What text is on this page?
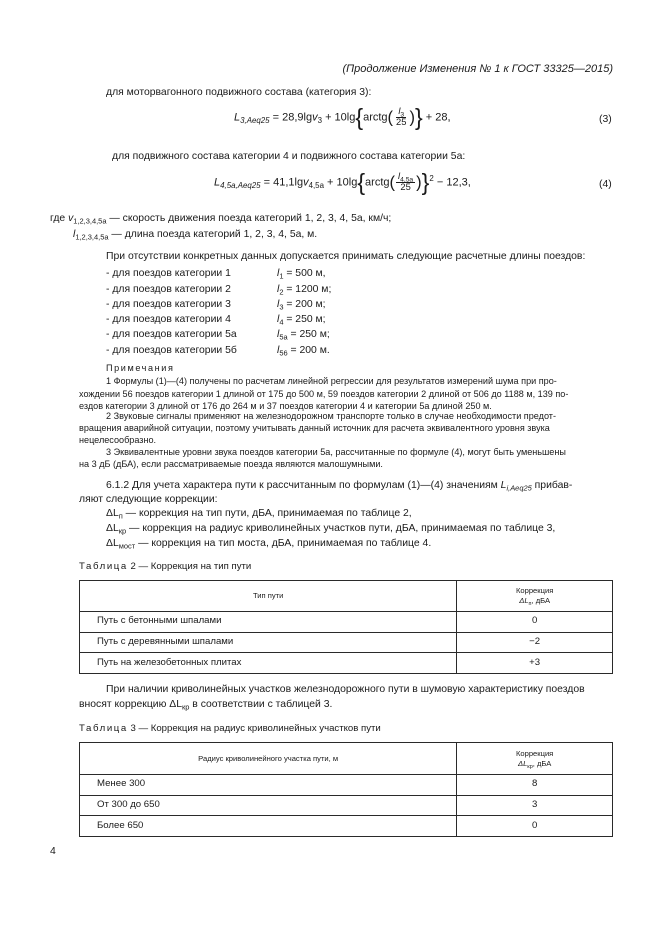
(Продолжение Изменения № 1 к ГОСТ 33325—2015)
для моторвагонного подвижного состава (категория 3):
$L_{3,Aeq25} = 28,9\lg v_3$ + 10lg{arctg( $\frac{l_3}{25}$ )} + 28,	(3)
для подвижного состава категории 4 и подвижного состава категории 5а:
$L_{4,5a,Aeq25} = 41,1\lg v_{4,5a}$ + 10lg{arctg( $\frac{l_{4,5a}}{25} )\}^2 - 12,3$,	(4)
где $v_{1,2,3,4,5a}$ — скорость движения поезда категорий 1, 2, 3, 4, 5а, км/ч;
$l_{1,2,3,4,5a}$ — длина поезда категорий 1, 2, 3, 4, 5а, м.
При отсутствии конкретных данных допускается принимать следующие расчетные длины поездов:
- для поездов категории 1	$l_1 = 500$ м,
- для поездов категории 2	$l_2 = 1200$ м;
- для поездов категории 3	$l_3 = 200$ м;
- для поездов категории 4	$l_4 = 250$ м;
- для поездов категории 5а	$l_{5a} = 250$ м;
- для поездов категории 5б	$l_{56} = 200$ м.
Примечания
1 Формулы (1)—(4) получены по расчетам линейной регрессии для результатов измерений шума при про-
хождении 56 поездов категории 1 длиной от 175 до 500 м, 59 поездов категории 2 длиной от 506 до 1188 м, 139 по-
ездов категории 3 длиной от 176 до 264 м и 37 поездов категории 4 и категории 5а длиной 250 м.
2 Звуковые сигналы применяют на железнодорожном транспорте только в случае необходимости предот-
вращения аварийной ситуации, поэтому учитывать данный источник для расчета эквивалентного уровня звука
нецелесообразно.
3 Эквивалентные уровни звука поездов категории 5а, рассчитанные по формуле (4), могут быть уменьшены
на 3 дБ (дБА), если рассматриваемые поезда являются малошумными.
6.1.2 Для учета характера пути к рассчитанным по формулам (1)—(4) значениям $L_{i,Aeq25}$ прибав-
ляют следующие коррекции:
$\Delta L_п$ — коррекция на тип пути, дБА, принимаемая по таблице 2,
$\Delta L_{кр}$ — коррекция на радиус криволинейных участков пути, дБА, принимаемая по таблице 3,
$\Delta L_{мост}$ — коррекция на тип моста, дБА, принимаемая по таблице 4.
Таблица 2 — Коррекция на тип пути
Тип пути	Коррекция
$\Delta L_п$, дБА
Путь с бетонными шпалами	0
Путь с деревянными шпалами	−2
Путь на железобетонных плитах	+3
При наличии криволинейных участков железнодорожного пути в шумовую характеристику поездов
вносят коррекцию $\Delta L_{кр}$ в соответствии с таблицей 3.
Таблица 3 — Коррекция на радиус криволинейных участков пути
Радиус криволинейного участка пути, м	Коррекция
$\Delta L_{кр}$, дБА
Менее 300	8
От 300 до 650	3
Более 650	0
4
